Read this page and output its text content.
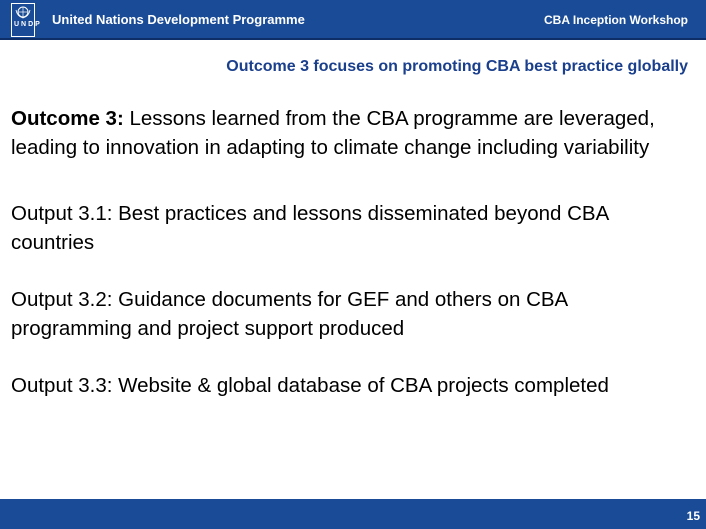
UNDP United Nations Development Programme	CBA Inception Workshop
Outcome 3 focuses on promoting CBA best practice globally
Outcome 3: Lessons learned from the CBA programme are leveraged, leading to innovation in adapting to climate change including variability
Output 3.1: Best practices and lessons disseminated beyond CBA countries
Output 3.2: Guidance documents for GEF and others on CBA programming and project support produced
Output 3.3: Website & global database of CBA projects completed
15
